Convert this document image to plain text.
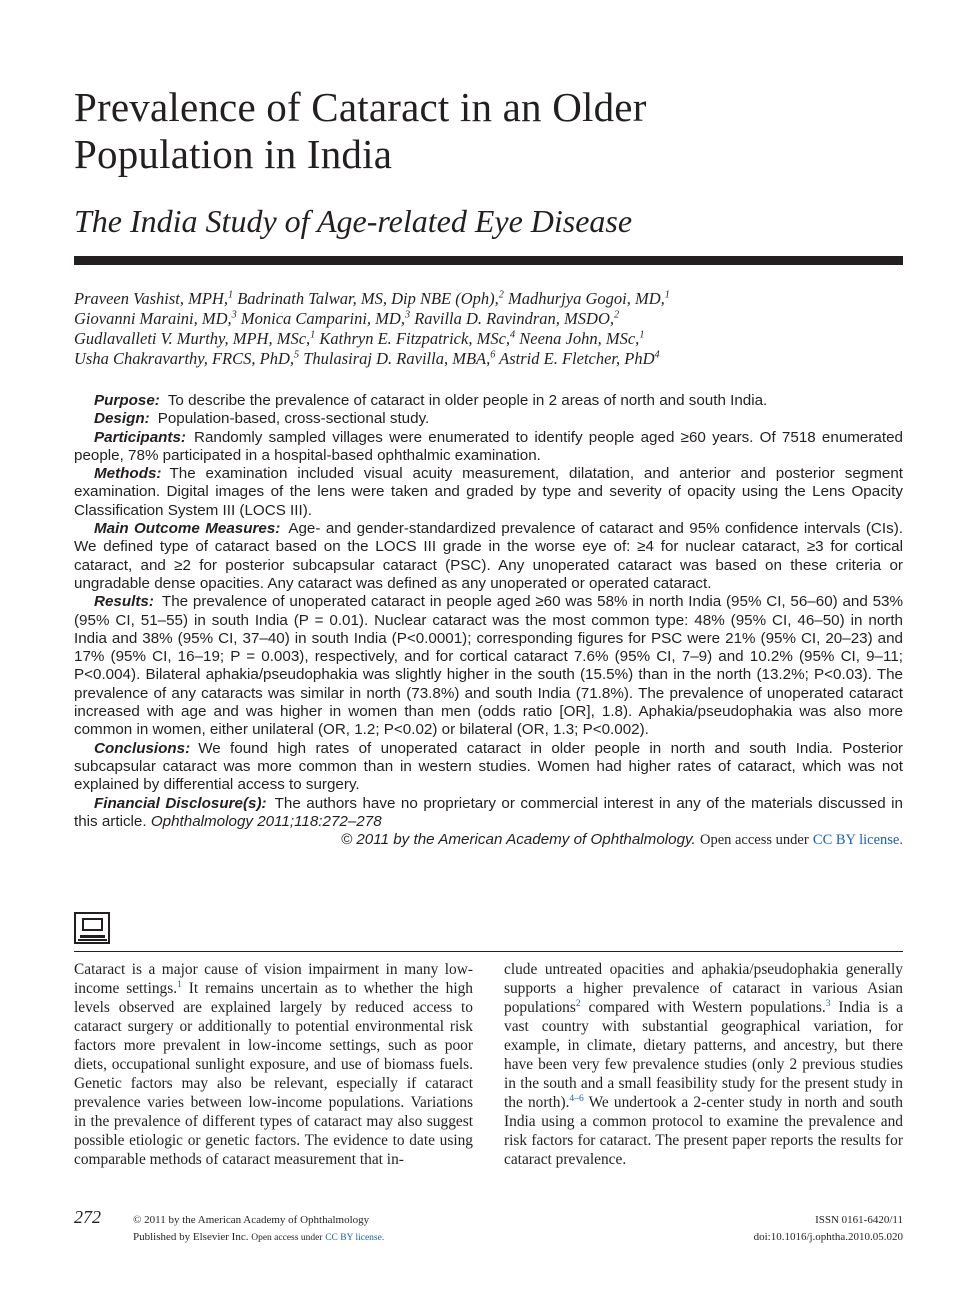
Prevalence of Cataract in an Older
Population in India
The India Study of Age-related Eye Disease
Praveen Vashist, MPH,$^1$ Badrinath Talwar, MS, Dip NBE (Oph),$^2$ Madhurjya Gogoi, MD,$^1$
Giovanni Maraini, MD,$^3$ Monica Camparini, MD,$^3$ Ravilla D. Ravindran, MSDO,$^2$
Gudlavalleti V. Murthy, MPH, MSc,$^1$ Kathryn E. Fitzpatrick, MSc,$^4$ Neena John, MSc,$^1$
Usha Chakravarthy, FRCS, PhD,$^5$ Thulasiraj D. Ravilla, MBA,$^6$ Astrid E. Fletcher, PhD$^4$

Purpose: To describe the prevalence of cataract in older people in 2 areas of north and south India.

Design: Population-based, cross-sectional study.

Participants: Randomly sampled villages were enumerated to identify people aged ≥60 years. Of 7518 enumerated people, 78% participated in a hospital-based ophthalmic examination.

Methods: The examination included visual acuity measurement, dilatation, and anterior and posterior segment examination. Digital images of the lens were taken and graded by type and severity of opacity using the Lens Opacity Classification System III (LOCS III).

Main Outcome Measures: Age- and gender-standardized prevalence of cataract and 95% confidence intervals (CIs). We defined type of cataract based on the LOCS III grade in the worse eye of: ≥4 for nuclear cataract, ≥3 for cortical cataract, and ≥2 for posterior subcapsular cataract (PSC). Any unoperated cataract was based on these criteria or ungradable dense opacities. Any cataract was defined as any unoperated or operated cataract.

Results: The prevalence of unoperated cataract in people aged ≥60 was 58% in north India (95% CI, 56–60) and 53% (95% CI, 51–55) in south India (P = 0.01). Nuclear cataract was the most common type: 48% (95% CI, 46–50) in north India and 38% (95% CI, 37–40) in south India (P<0.0001); corresponding figures for PSC were 21% (95% CI, 20–23) and 17% (95% CI, 16–19; P = 0.003), respectively, and for cortical cataract 7.6% (95% CI, 7–9) and 10.2% (95% CI, 9–11; P<0.004). Bilateral aphakia/pseudophakia was slightly higher in the south (15.5%) than in the north (13.2%; P<0.03). The prevalence of any cataracts was similar in north (73.8%) and south India (71.8%). The prevalence of unoperated cataract increased with age and was higher in women than men (odds ratio [OR], 1.8). Aphakia/pseudophakia was also more common in women, either unilateral (OR, 1.2; P<0.02) or bilateral (OR, 1.3; P<0.002).

Conclusions: We found high rates of unoperated cataract in older people in north and south India. Posterior subcapsular cataract was more common than in western studies. Women had higher rates of cataract, which was not explained by differential access to surgery.

Financial Disclosure(s): The authors have no proprietary or commercial interest in any of the materials discussed in this article. Ophthalmology 2011;118:272–278

© 2011 by the American Academy of Ophthalmology. Open access under CC BY license.

Cataract is a major cause of vision impairment in many low-income settings.$^1$ It remains uncertain as to whether the high levels observed are explained largely by reduced access to cataract surgery or additionally to potential environmental risk factors more prevalent in low-income settings, such as poor diets, occupational sunlight exposure, and use of biomass fuels. Genetic factors may also be relevant, especially if cataract prevalence varies between low-income populations. Variations in the prevalence of different types of cataract may also suggest possible etiologic or genetic factors. The evidence to date using comparable methods of cataract measurement that in-

clude untreated opacities and aphakia/pseudophakia generally supports a higher prevalence of cataract in various Asian populations$^2$ compared with Western populations.$^3$ India is a vast country with substantial geographical variation, for example, in climate, dietary patterns, and ancestry, but there have been very few prevalence studies (only 2 previous studies in the south and a small feasibility study for the present study in the north).$^{4-6}$ We undertook a 2-center study in north and south India using a common protocol to examine the prevalence and risk factors for cataract. The present paper reports the results for cataract prevalence.

272	© 2011 by the American Academy of Ophthalmology
Published by Elsevier Inc. Open access under CC BY license.
ISSN 0161-6420/11
doi:10.1016/j.ophtha.2010.05.020
